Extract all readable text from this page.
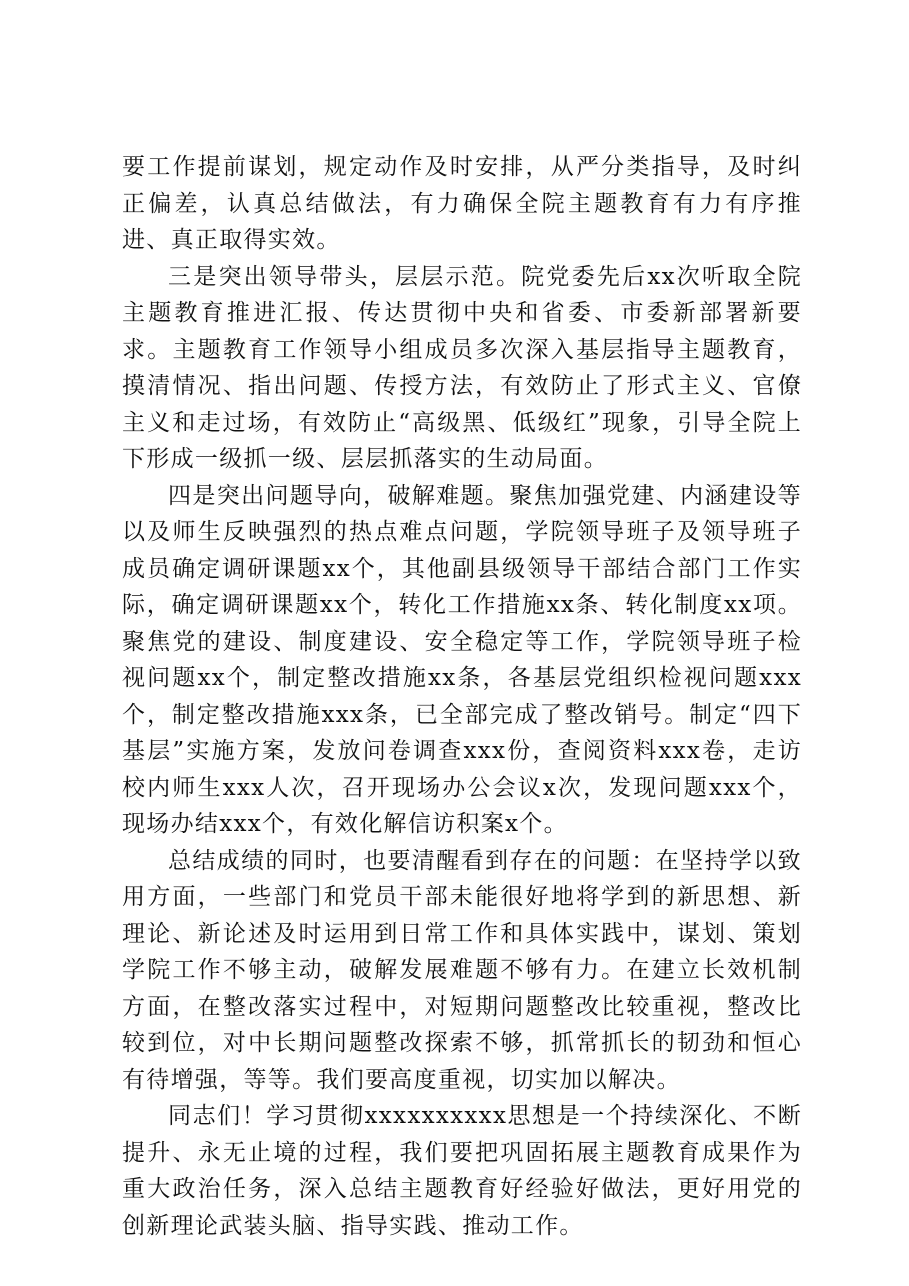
要工作提前谋划，规定动作及时安排，从严分类指导，及时纠正偏差，认真总结做法，有力确保全院主题教育有力有序推进、真正取得实效。

三是突出领导带头，层层示范。院党委先后xx次听取全院主题教育推进汇报、传达贯彻中央和省委、市委新部署新要求。主题教育工作领导小组成员多次深入基层指导主题教育，摸清情况、指出问题、传授方法，有效防止了形式主义、官僚主义和走过场，有效防止“高级黑、低级红”现象，引导全院上下形成一级抓一级、层层抓落实的生动局面。

四是突出问题导向，破解难题。聚焦加强党建、内涵建设等以及师生反映强烈的热点难点问题，学院领导班子及领导班子成员确定调研课题xx个，其他副县级领导干部结合部门工作实际，确定调研课题xx个，转化工作措施xx条、转化制度xx项。聚焦党的建设、制度建设、安全稳定等工作，学院领导班子检视问题xx个，制定整改措施xx条，各基层党组织检视问题xxx个，制定整改措施xxx条，已全部完成了整改销号。制定“四下基层”实施方案，发放问卷调查xxx份，查阅资料xxx卷，走访校内师生xxx人次，召开现场办公会议x次，发现问题xxx个，现场办结xxx个，有效化解信访积案x个。

总结成绩的同时，也要清醒看到存在的问题：在坚持学以致用方面，一些部门和党员干部未能很好地将学到的新思想、新理论、新论述及时运用到日常工作和具体实践中，谋划、策划学院工作不够主动，破解发展难题不够有力。在建立长效机制方面，在整改落实过程中，对短期问题整改比较重视，整改比较到位，对中长期问题整改探索不够，抓常抓长的韧劲和恒心有待增强，等等。我们要高度重视，切实加以解决。

同志们！学习贯彻xxxxxxxxxx思想是一个持续深化、不断提升、永无止境的过程，我们要把巩固拓展主题教育成果作为重大政治任务，深入总结主题教育好经验好做法，更好用党的创新理论武装头脑、指导实践、推动工作。
